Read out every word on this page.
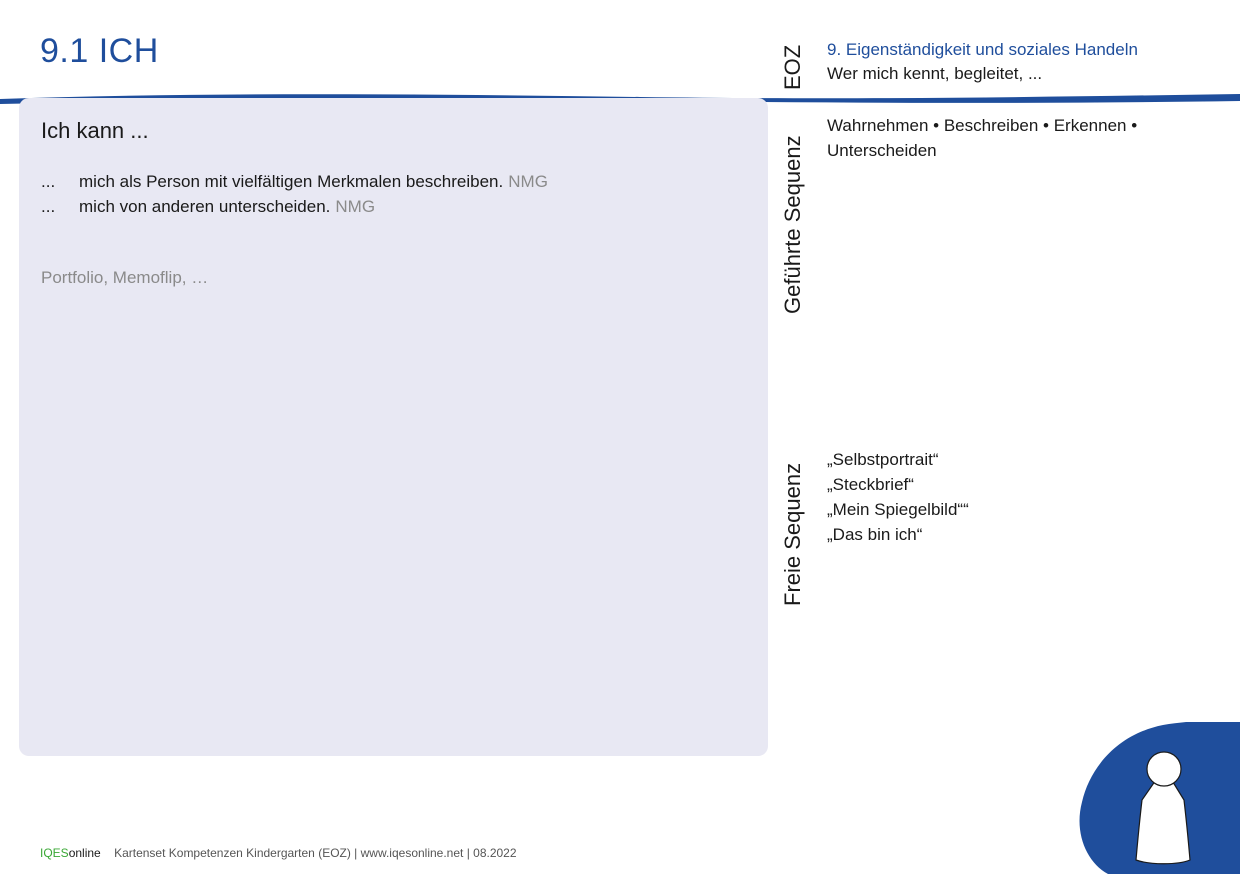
9.1 ICH
Ich kann ...
...	mich als Person mit vielfältigen Merkmalen beschreiben. NMG
...	mich von anderen unterscheiden. NMG
Portfolio, Memoflip, …
EOZ
Geführte Sequenz
Freie Sequenz
9. Eigenständigkeit und soziales Handeln
Wer mich kennt, begleitet, ...
Wahrnehmen • Beschreiben • Erkennen • Unterscheiden
„Selbstportrait“
„Steckbrief“
„Mein Spiegelbild““
„Das bin ich“
IQESonline Kartenset Kompetenzen Kindergarten (EOZ) | www.iqesonline.net | 08.2022
